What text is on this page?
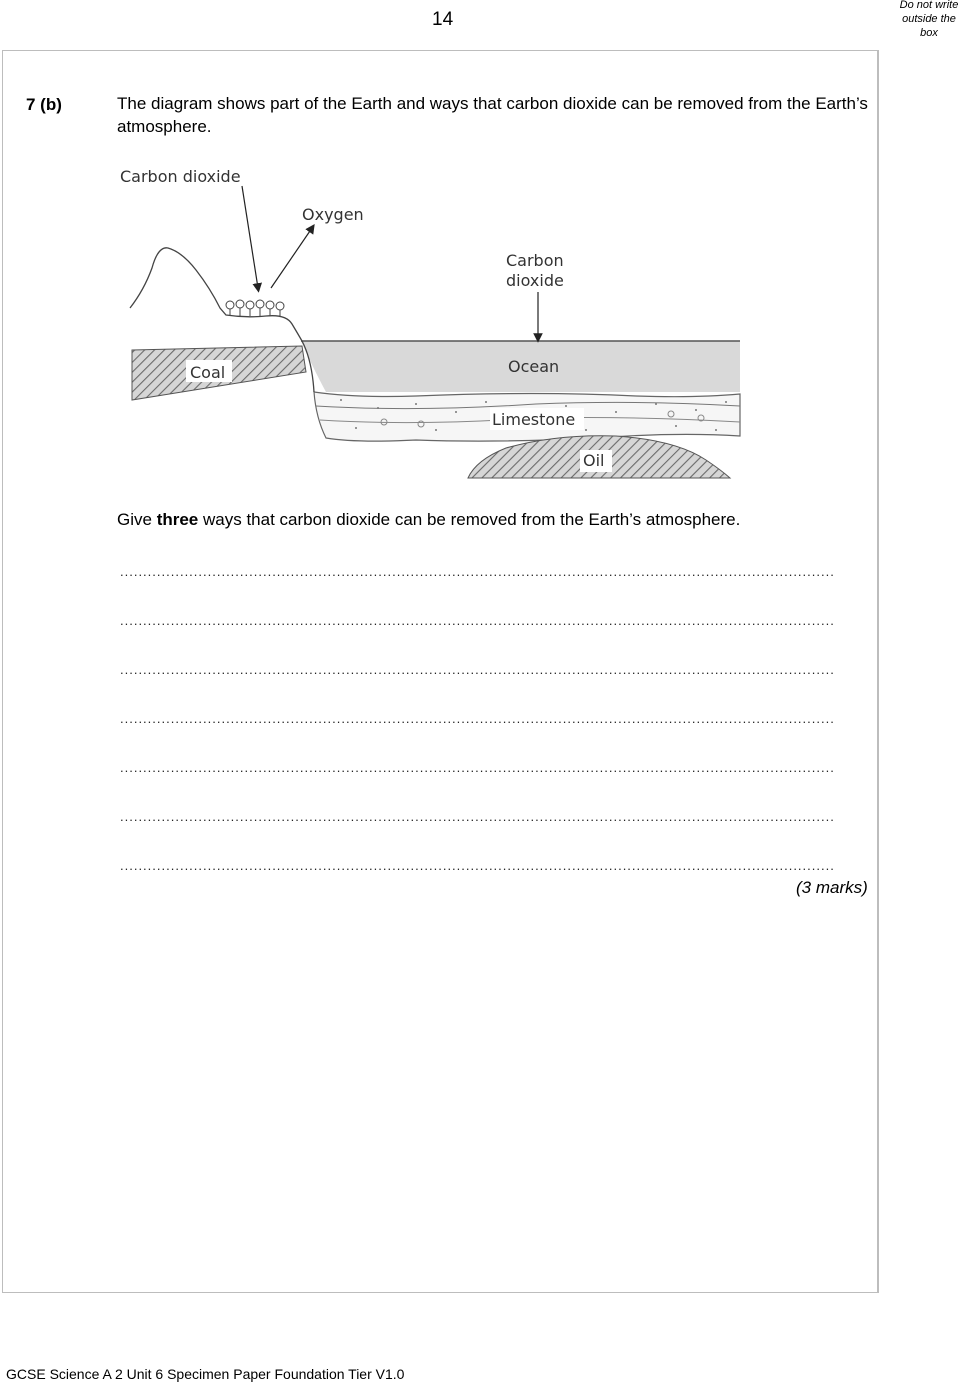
14
Do not write
outside the
box
7 (b)	The diagram shows part of the Earth and ways that carbon dioxide can be removed from the Earth’s atmosphere.
Carbon dioxide
Oxygen
Carbon
dioxide
Coal	Ocean
Limestone
Oil
Give three ways that carbon dioxide can be removed from the Earth’s atmosphere.
...........................................................................................................................................................
...........................................................................................................................................................
...........................................................................................................................................................
...........................................................................................................................................................
...........................................................................................................................................................
...........................................................................................................................................................
...........................................................................................................................................................
(3 marks)
GCSE Science A 2 Unit 6 Specimen Paper Foundation Tier V1.0
